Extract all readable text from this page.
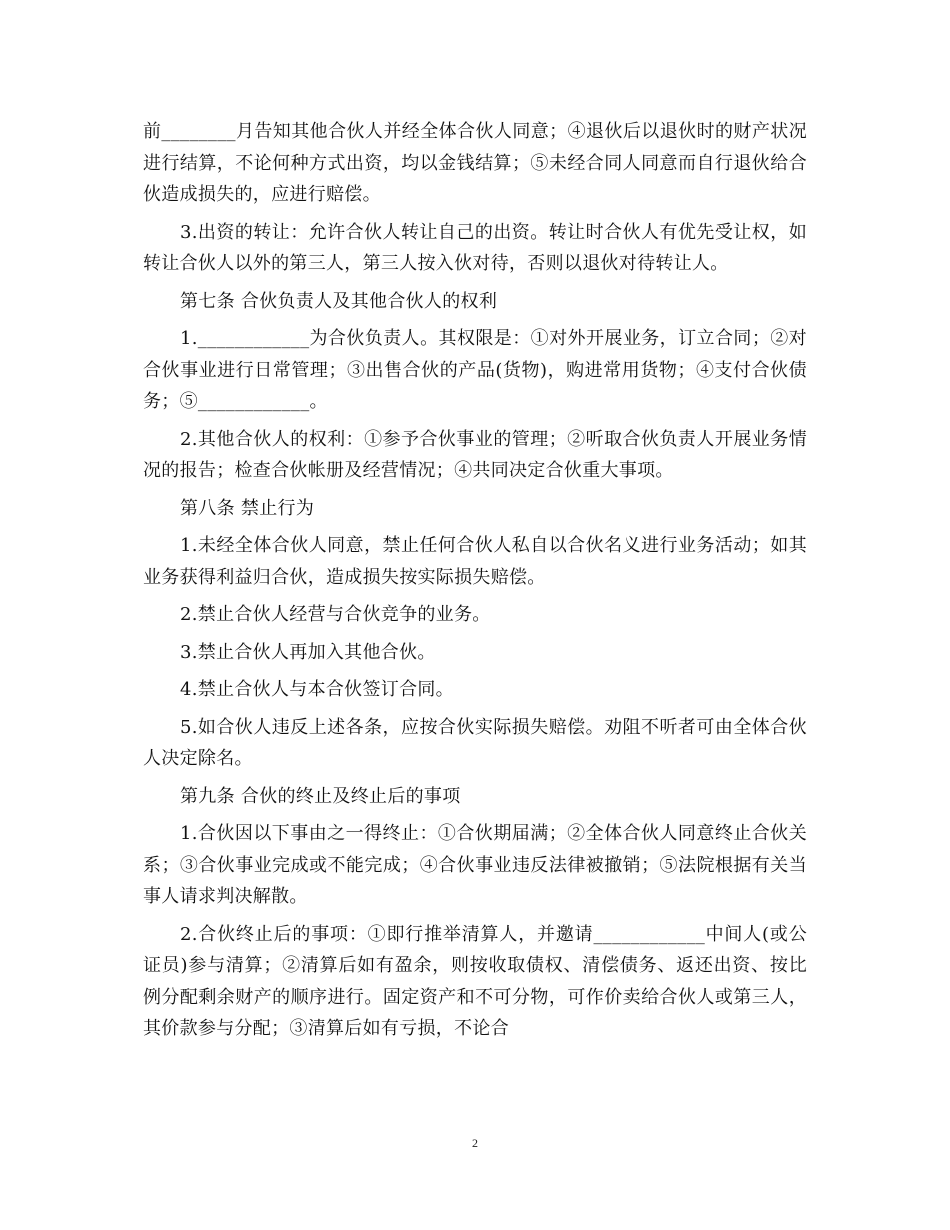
前________月告知其他合伙人并经全体合伙人同意；④退伙后以退伙时的财产状况进行结算，不论何种方式出资，均以金钱结算；⑤未经合同人同意而自行退伙给合伙造成损失的，应进行赔偿。

3.出资的转让：允许合伙人转让自己的出资。转让时合伙人有优先受让权，如转让合伙人以外的第三人，第三人按入伙对待，否则以退伙对待转让人。

第七条 合伙负责人及其他合伙人的权利

1.____________为合伙负责人。其权限是：①对外开展业务，订立合同；②对合伙事业进行日常管理；③出售合伙的产品(货物)，购进常用货物；④支付合伙债务；⑤____________。

2.其他合伙人的权利：①参予合伙事业的管理；②听取合伙负责人开展业务情况的报告；检查合伙帐册及经营情况；④共同决定合伙重大事项。

第八条 禁止行为

1.未经全体合伙人同意，禁止任何合伙人私自以合伙名义进行业务活动；如其业务获得利益归合伙，造成损失按实际损失赔偿。

2.禁止合伙人经营与合伙竞争的业务。

3.禁止合伙人再加入其他合伙。

4.禁止合伙人与本合伙签订合同。

5.如合伙人违反上述各条，应按合伙实际损失赔偿。劝阻不听者可由全体合伙人决定除名。

第九条 合伙的终止及终止后的事项

1.合伙因以下事由之一得终止：①合伙期届满；②全体合伙人同意终止合伙关系；③合伙事业完成或不能完成；④合伙事业违反法律被撤销；⑤法院根据有关当事人请求判决解散。

2.合伙终止后的事项：①即行推举清算人，并邀请____________中间人(或公证员)参与清算；②清算后如有盈余，则按收取债权、清偿债务、返还出资、按比例分配剩余财产的顺序进行。固定资产和不可分物，可作价卖给合伙人或第三人，其价款参与分配；③清算后如有亏损，不论合

2
